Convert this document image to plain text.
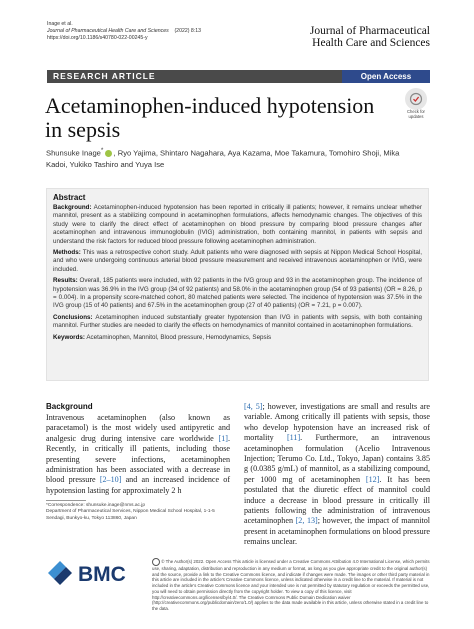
Inage et al.
Journal of Pharmaceutical Health Care and Sciences (2022) 8:13
https://doi.org/10.1186/s40780-022-00245-y
Journal of Pharmaceutical
Health Care and Sciences
RESEARCH ARTICLE	Open Access
Acetaminophen-induced hypotension in sepsis
Check for
updates
Shunsuke Inage* , Ryo Yajima, Shintaro Nagahara, Aya Kazama, Moe Takamura, Tomohiro Shoji, Mika Kadoi, Yukiko Tashiro and Yuya Ise
Abstract
Background: Acetaminophen-induced hypotension has been reported in critically ill patients; however, it remains unclear whether mannitol, present as a stabilizing compound in acetaminophen formulations, affects hemodynamic changes. The objectives of this study were to clarify the direct effect of acetaminophen on blood pressure by comparing blood pressure changes after acetaminophen and intravenous immunoglobulin (IVIG) administration, both containing mannitol, in patients with sepsis and understand the risk factors for reduced blood pressure following acetaminophen administration.
Methods: This was a retrospective cohort study. Adult patients who were diagnosed with sepsis at Nippon Medical School Hospital, and who were undergoing continuous arterial blood pressure measurement and received intravenous acetaminophen or IVIG, were included.
Results: Overall, 185 patients were included, with 92 patients in the IVG group and 93 in the acetaminophen group. The incidence of hypotension was 36.9% in the IVG group (34 of 92 patients) and 58.0% in the acetaminophen group (54 of 93 patients) (OR = 8.26, p = 0.004). In a propensity score-matched cohort, 80 matched patients were selected. The incidence of hypotension was 37.5% in the IVG group (15 of 40 patients) and 67.5% in the acetaminophen group (27 of 40 patients) (OR = 7.21, p = 0.007).
Conclusions: Acetaminophen induced substantially greater hypotension than IVG in patients with sepsis, with both containing mannitol. Further studies are needed to clarify the effects on hemodynamics of mannitol contained in acetaminophen formulations.
Keywords: Acetaminophen, Mannitol, Blood pressure, Hemodynamics, Sepsis
Background
Intravenous acetaminophen (also known as paracetamol) is the most widely used antipyretic and analgesic drug during intensive care worldwide [1]. Recently, in critically ill patients, including those presenting severe infections, acetaminophen administration has been associated with a decrease in blood pressure [2–10] and an increased incidence of hypotension lasting for approximately 2 h
[4, 5]; however, investigations are small and results are variable. Among critically ill patients with sepsis, those who develop hypotension have an increased risk of mortality [11]. Furthermore, an intravenous acetaminophen formulation (Acelio Intravenous Injection; Terumo Co. Ltd., Tokyo, Japan) contains 3.85 g (0.0385 g/mL) of mannitol, as a stabilizing compound, per 1000 mg of acetaminophen [12]. It has been postulated that the diuretic effect of mannitol could induce a decrease in blood pressure in critically ill patients following the administration of intravenous acetaminophen [2, 13]; however, the impact of mannitol present in acetaminophen formulations on blood pressure remains unclear.
*Correspondence: shunsuke.inage@nms.ac.jp
Department of Pharmaceutical Services, Nippon Medical School Hospital, 1-1-5 Sendagi, Bunkyo-ku, Tokyo 113860, Japan
BMC
© The Author(s) 2022. Open Access This article is licensed under a Creative Commons Attribution 4.0 International License, which permits use, sharing, adaptation, distribution and reproduction in any medium or format, as long as you give appropriate credit to the original author(s) and the source, provide a link to the Creative Commons licence, and indicate if changes were made. The images or other third party material in this article are included in the article's Creative Commons licence, unless indicated otherwise in a credit line to the material. If material is not included in the article's Creative Commons licence and your intended use is not permitted by statutory regulation or exceeds the permitted use, you will need to obtain permission directly from the copyright holder. To view a copy of this licence, visit http://creativecommons.org/licenses/by/4.0/. The Creative Commons Public Domain Dedication waiver (http://creativecommons.org/publicdomain/zero/1.0/) applies to the data made available in this article, unless otherwise stated in a credit line to the data.
